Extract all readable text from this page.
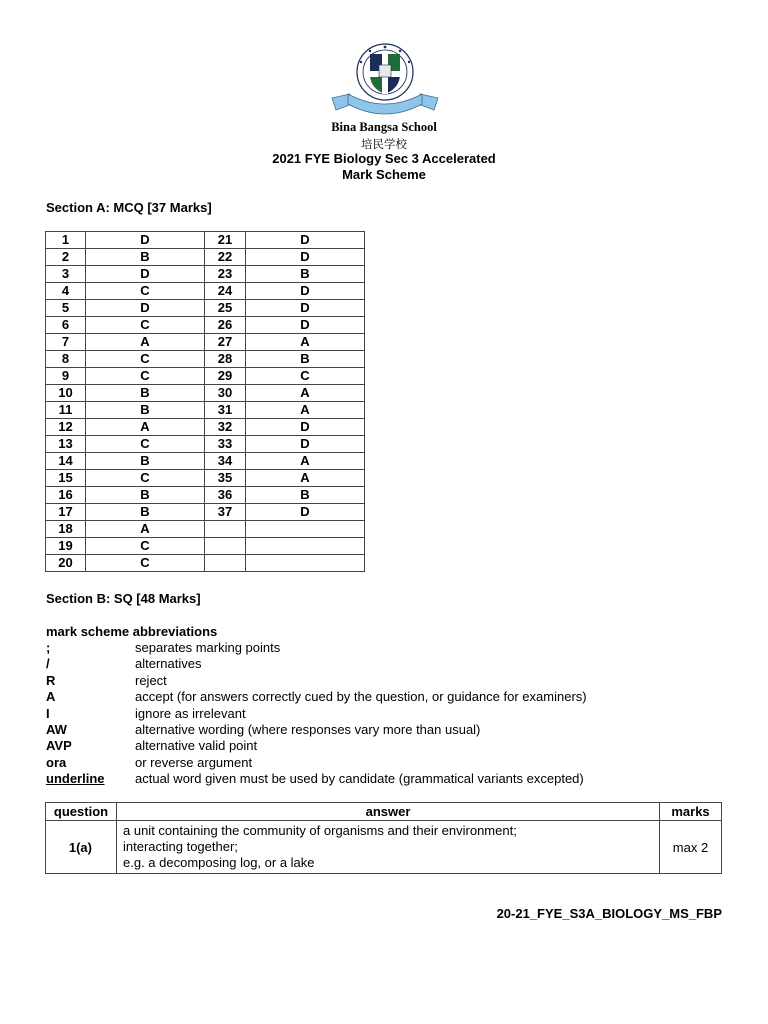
Bina Bangsa School
培民学校
2021 FYE Biology Sec 3 Accelerated
Mark Scheme
Section A: MCQ [37 Marks]
1	D	21	D
2	B	22	D
3	D	23	B
4	C	24	D
5	D	25	D
6	C	26	D
7	A	27	A
8	C	28	B
9	C	29	C
10	B	30	A
11	B	31	A
12	A	32	D
13	C	33	D
14	B	34	A
15	C	35	A
16	B	36	B
17	B	37	D
18	A		
19	C		
20	C		
Section B: SQ [48 Marks]
mark scheme abbreviations
;	separates marking points
/	alternatives
R	reject
A	accept (for answers correctly cued by the question, or guidance for examiners)
I	ignore as irrelevant
AW	alternative wording (where responses vary more than usual)
AVP	alternative valid point
ora	or reverse argument
underline actual word given must be used by candidate (grammatical variants excepted)
question	answer	marks
1(a)	a unit containing the community of organisms and their environment;
interacting together;
e.g. a decomposing log, or a lake	max 2
20-21_FYE_S3A_BIOLOGY_MS_FBP
